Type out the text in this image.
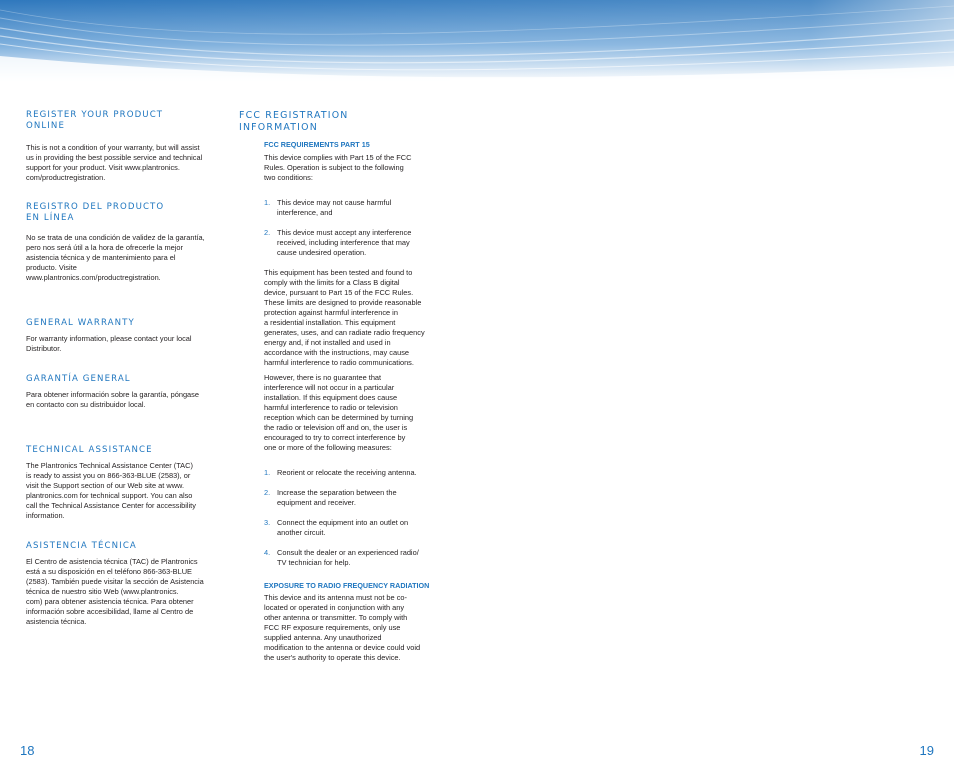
REGISTER YOUR PRODUCT
ONLINE

This is not a condition of your warranty, but will assist
us in providing the best possible service and technical
support for your product. Visit www.plantronics.
com/productregistration.

REGISTRO DEL PRODUCTO
EN LÍNEA

No se trata de una condición de validez de la garantía,
pero nos será útil a la hora de ofrecerle la mejor
asistencia técnica y de mantenimiento para el
producto. Visite
www.plantronics.com/productregistration.

GENERAL WARRANTY

For warranty information, please contact your local
Distributor.

GARANTÍA GENERAL

Para obtener información sobre la garantía, póngase
en contacto con su distribuidor local.

TECHNICAL ASSISTANCE

The Plantronics Technical Assistance Center (TAC)
is ready to assist you on 866-363-BLUE (2583), or
visit the Support section of our Web site at www.
plantronics.com for technical support. You can also
call the Technical Assistance Center for accessibility
information.

ASISTENCIA TÉCNICA

El Centro de asistencia técnica (TAC) de Plantronics
está a su disposición en el teléfono 866-363-BLUE
(2583). También puede visitar la sección de Asistencia
técnica de nuestro sitio Web (www.plantronics.
com) para obtener asistencia técnica. Para obtener
información sobre accesibilidad, llame al Centro de
asistencia técnica.

FCC REGISTRATION
INFORMATION

FCC REQUIREMENTS PART 15

This device complies with Part 15 of the FCC
Rules. Operation is subject to the following
two conditions:

1. This device may not cause harmful
interference, and

2. This device must accept any interference
received, including interference that may
cause undesired operation.

This equipment has been tested and found to
comply with the limits for a Class B digital
device, pursuant to Part 15 of the FCC Rules.
These limits are designed to provide reasonable
protection against harmful interference in
a residential installation. This equipment
generates, uses, and can radiate radio frequency
energy and, if not installed and used in
accordance with the instructions, may cause
harmful interference to radio communications.

However, there is no guarantee that
interference will not occur in a particular
installation. If this equipment does cause
harmful interference to radio or television
reception which can be determined by turning
the radio or television off and on, the user is
encouraged to try to correct interference by
one or more of the following measures:

1. Reorient or relocate the receiving antenna.

2. Increase the separation between the
equipment and receiver.

3. Connect the equipment into an outlet on
another circuit.

4. Consult the dealer or an experienced radio/
TV technician for help.

EXPOSURE TO RADIO FREQUENCY RADIATION

This device and its antenna must not be co-
located or operated in conjunction with any
other antenna or transmitter. To comply with
FCC RF exposure requirements, only use
supplied antenna. Any unauthorized
modification to the antenna or device could void
the user's authority to operate this device.

18	19
